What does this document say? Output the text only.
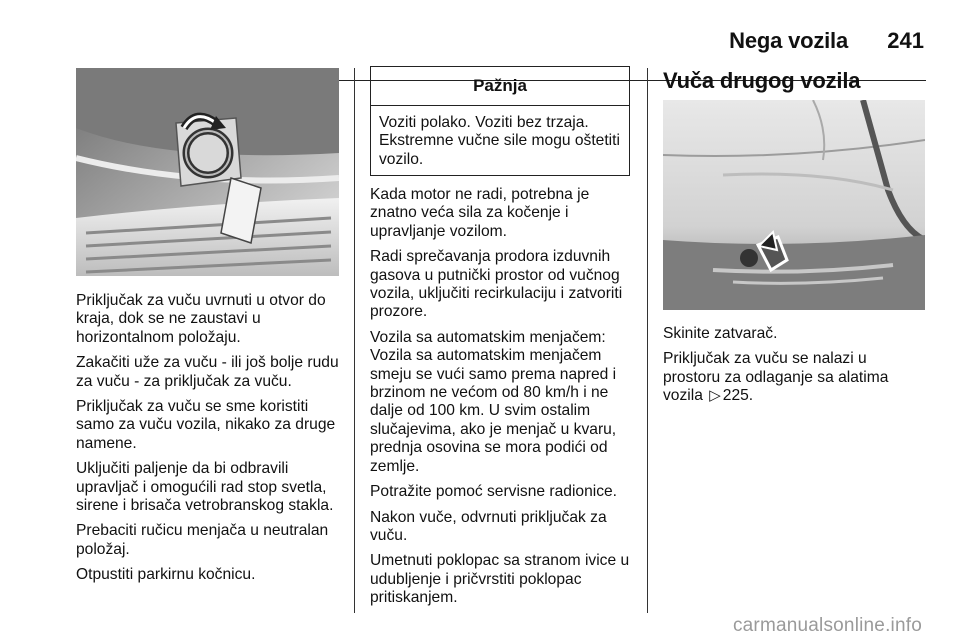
Nega vozila 241

Priključak za vuču uvrnuti u otvor do kraja, dok se ne zaustavi u horizontalnom položaju.

Zakačiti uže za vuču - ili još bolje rudu za vuču - za priključak za vuču.

Priključak za vuču se sme koristiti samo za vuču vozila, nikako za druge namene.

Uključiti paljenje da bi odbravili upravljač i omogućili rad stop svetla, sirene i brisača vetrobranskog stakla.

Prebaciti ručicu menjača u neutralan položaj.

Otpustiti parkirnu kočnicu.

Pažnja
Voziti polako. Voziti bez trzaja. Ekstremne vučne sile mogu oštetiti vozilo.

Kada motor ne radi, potrebna je znatno veća sila za kočenje i upravljanje vozilom.

Radi sprečavanja prodora izduvnih gasova u putnički prostor od vučnog vozila, uključiti recirkulaciju i zatvoriti prozore.

Vozila sa automatskim menjačem: Vozila sa automatskim menjačem smeju se vući samo prema napred i brzinom ne većom od 80 km/h i ne dalje od 100 km. U svim ostalim slučajevima, ako je menjač u kvaru, prednja osovina se mora podići od zemlje.

Potražite pomoć servisne radionice.

Nakon vuče, odvrnuti priključak za vuču.

Umetnuti poklopac sa stranom ivice u udubljenje i pričvrstiti poklopac pritiskanjem.

Vuča drugog vozila

Skinite zatvarač.

Priključak za vuču se nalazi u prostoru za odlaganje sa alatima vozila ▷ 225.

carmanualsonline.info
